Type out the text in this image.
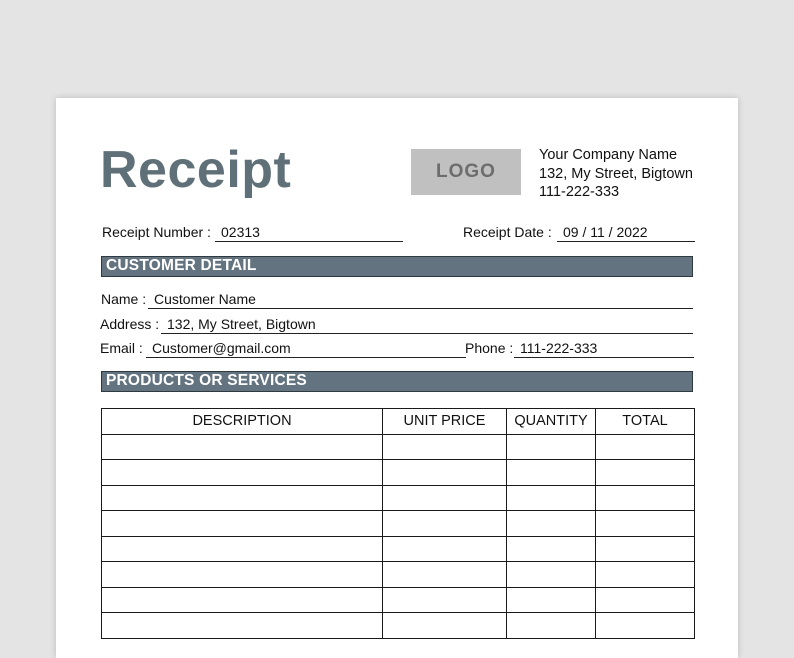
Receipt	LOGO
Your Company Name
132, My Street, Bigtown
111-222-333
Receipt Number : 02313	Receipt Date : 09 / 11 / 2022
CUSTOMER DETAIL
Name : Customer Name
Address : 132, My Street, Bigtown
Email : Customer@gmail.com	Phone : 111-222-333
PRODUCTS OR SERVICES
DESCRIPTION	UNIT PRICE	QUANTITY	TOTAL
